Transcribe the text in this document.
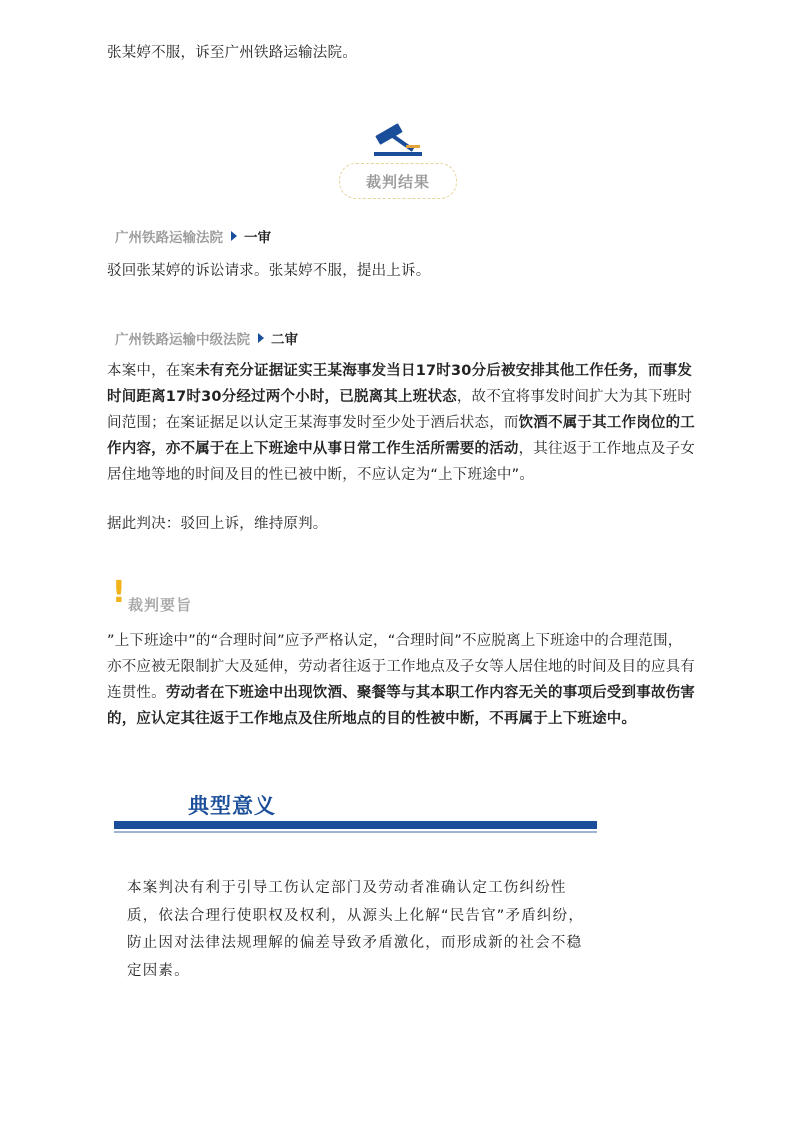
张某婷不服，诉至广州铁路运输法院。
裁判结果
广州铁路运输法院 一审
驳回张某婷的诉讼请求。张某婷不服，提出上诉。
广州铁路运输中级法院 二审
本案中，在案未有充分证据证实王某海事发当日17时30分后被安排其他工作任务，而事发时间距离17时30分经过两个小时，已脱离其上班状态，故不宜将事发时间扩大为其下班时间范围；在案证据足以认定王某海事发时至少处于酒后状态，而饮酒不属于其工作岗位的工作内容，亦不属于在上下班途中从事日常工作生活所需要的活动，其往返于工作地点及子女居住地等地的时间及目的性已被中断，不应认定为“上下班途中”。
据此判决：驳回上诉，维持原判。
! 裁判要旨
”上下班途中”的“合理时间”应予严格认定，“合理时间”不应脱离上下班途中的合理范围，亦不应被无限制扩大及延伸，劳动者往返于工作地点及子女等人居住地的时间及目的应具有连贯性。劳动者在下班途中出现饮酒、聚餐等与其本职工作内容无关的事项后受到事故伤害的，应认定其往返于工作地点及住所地点的目的性被中断，不再属于上下班途中。
典型意义
本案判决有利于引导工伤认定部门及劳动者准确认定工伤纠纷性质，依法合理行使职权及权利，从源头上化解“民告官”矛盾纠纷，防止因对法律法规理解的偏差导致矛盾激化，而形成新的社会不稳定因素。
